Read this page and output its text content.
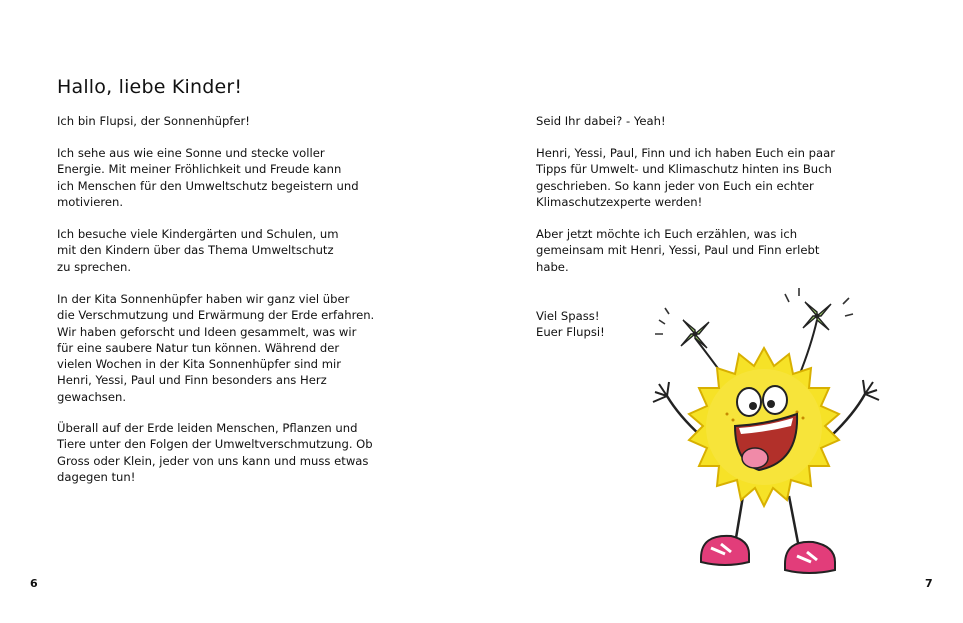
Hallo, liebe Kinder!

Ich bin Flupsi, der Sonnenhüpfer!

Ich sehe aus wie eine Sonne und stecke voller
Energie. Mit meiner Fröhlichkeit und Freude kann
ich Menschen für den Umweltschutz begeistern und
motivieren.

Ich besuche viele Kindergärten und Schulen, um
mit den Kindern über das Thema Umweltschutz
zu sprechen.

In der Kita Sonnenhüpfer haben wir ganz viel über
die Verschmutzung und Erwärmung der Erde erfahren.
Wir haben geforscht und Ideen gesammelt, was wir
für eine saubere Natur tun können. Während der
vielen Wochen in der Kita Sonnenhüpfer sind mir
Henri, Yessi, Paul und Finn besonders ans Herz
gewachsen.

Überall auf der Erde leiden Menschen, Pflanzen und
Tiere unter den Folgen der Umweltverschmutzung. Ob
Gross oder Klein, jeder von uns kann und muss etwas
dagegen tun!

6

Seid Ihr dabei? - Yeah!

Henri, Yessi, Paul, Finn und ich haben Euch ein paar
Tipps für Umwelt- und Klimaschutz hinten ins Buch
geschrieben. So kann jeder von Euch ein echter
Klimaschutzexperte werden!

Aber jetzt möchte ich Euch erzählen, was ich
gemeinsam mit Henri, Yessi, Paul und Finn erlebt
habe.

Viel Spass!
Euer Flupsi!

7
